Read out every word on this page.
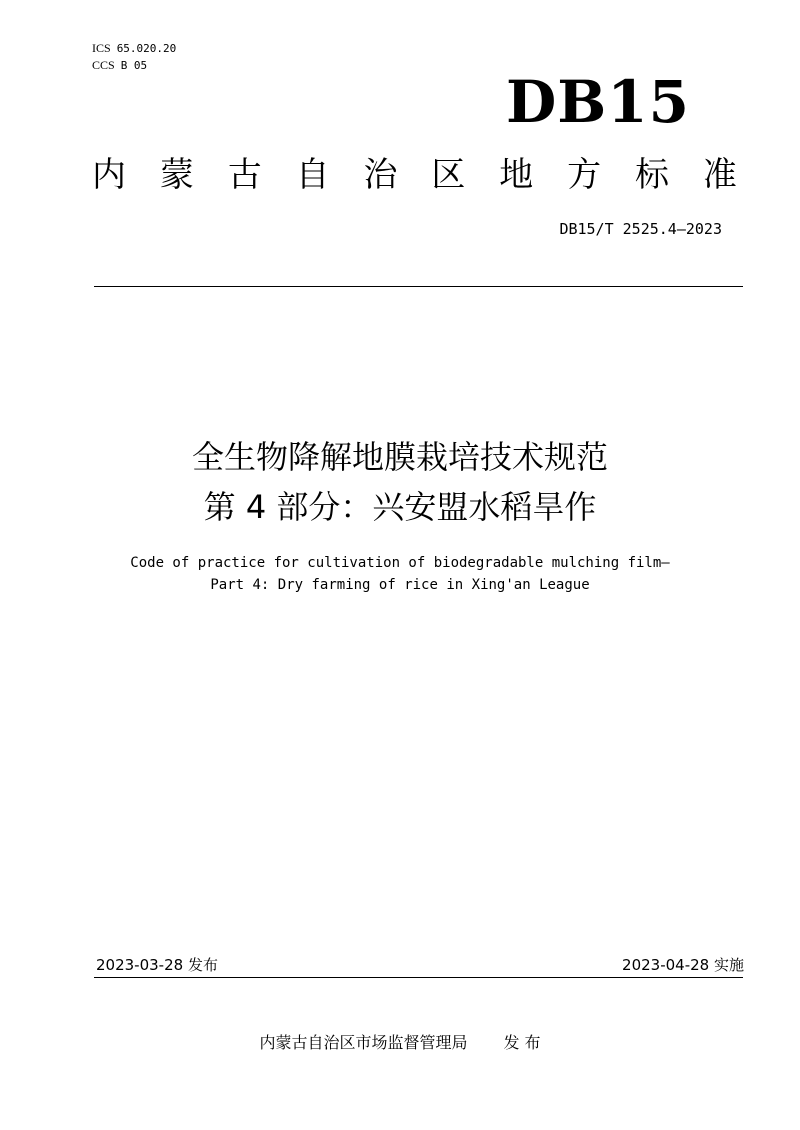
ICS 65.020.20
CCS B 05
DB15
内 蒙 古 自 治 区 地 方 标 准
DB15/T 2525.4—2023
全生物降解地膜栽培技术规范
第 4 部分：兴安盟水稻旱作
Code of practice for cultivation of biodegradable mulching film—
Part 4: Dry farming of rice in Xing'an League
2023-03-28 发布	2023-04-28 实施
内蒙古自治区市场监督管理局 发 布
